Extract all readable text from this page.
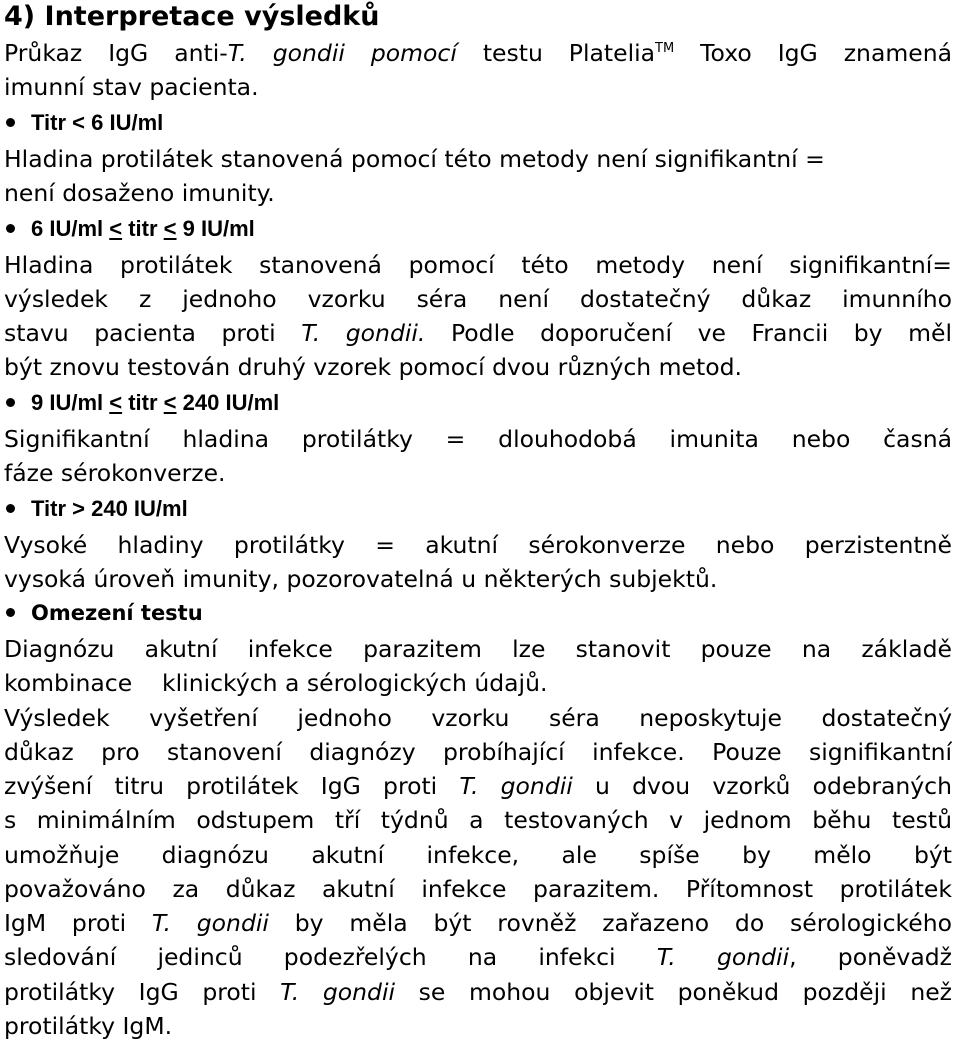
4) Interpretace výsledků
Průkaz IgG anti-T. gondii pomocí testu Platelia™ Toxo IgG znamená
imunní stav pacienta.
Titr < 6 IU/ml
Hladina protilátek stanovená pomocí této metody není signifikantní =
není dosaženo imunity.
6 IU/ml < titr < 9 IU/ml
Hladina protilátek stanovená pomocí této metody není signifikantní=
výsledek z jednoho vzorku séra není dostatečný důkaz imunního
stavu pacienta proti T. gondii. Podle doporučení ve Francii by měl
být znovu testován druhý vzorek pomocí dvou různých metod.
9 IU/ml < titr < 240 IU/ml
Signifikantní hladina protilátky = dlouhodobá imunita nebo časná
fáze sérokonverze.
Titr > 240 IU/ml
Vysoké hladiny protilátky = akutní sérokonverze nebo perzistentně
vysoká úroveň imunity, pozorovatelná u některých subjektů.
Omezení testu
Diagnózu akutní infekce parazitem lze stanovit pouze na základě
kombinace    klinických a sérologických údajů.
Výsledek vyšetření jednoho vzorku séra neposkytuje dostatečný
důkaz pro stanovení diagnózy probíhající infekce. Pouze signifikantní
zvýšení titru protilátek IgG proti T. gondii u dvou vzorků odebraných
s minimálním odstupem tří týdnů a testovaných v jednom běhu testů
umožňuje diagnózu akutní infekce, ale spíše by mělo být
považováno za důkaz akutní infekce parazitem. Přítomnost protilátek
IgM proti T. gondii by měla být rovněž zařazeno do sérologického
sledování jedinců podezřelých na infekci T. gondii, poněvadž
protilátky IgG proti T. gondii se mohou objevit poněkud později než
protilátky IgM.
